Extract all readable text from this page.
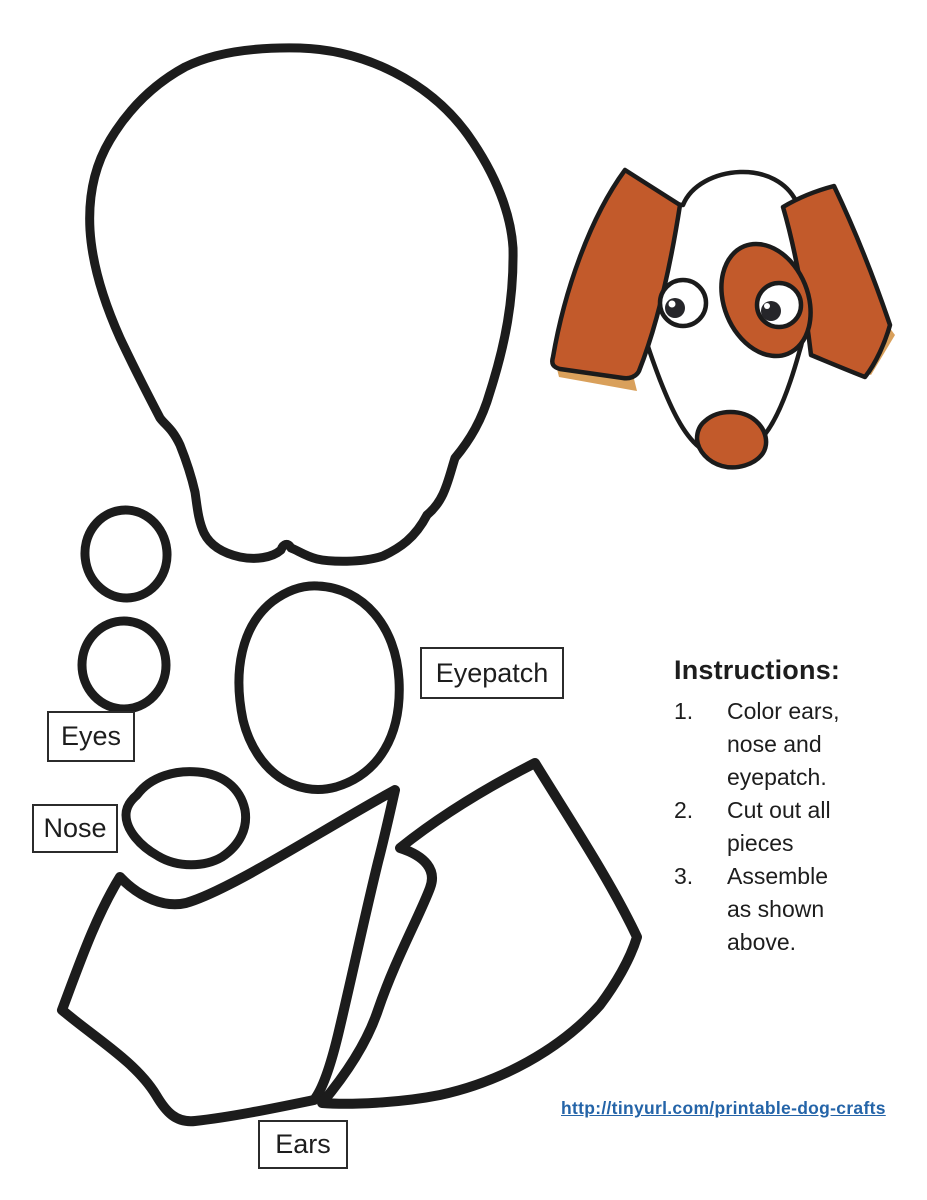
Eyepatch
Eyes
Nose
Ears
Instructions:
1.	Color ears, nose and eyepatch.
2.	Cut out all pieces
3.	Assemble as shown above.
http://tinyurl.com/printable-dog-crafts
